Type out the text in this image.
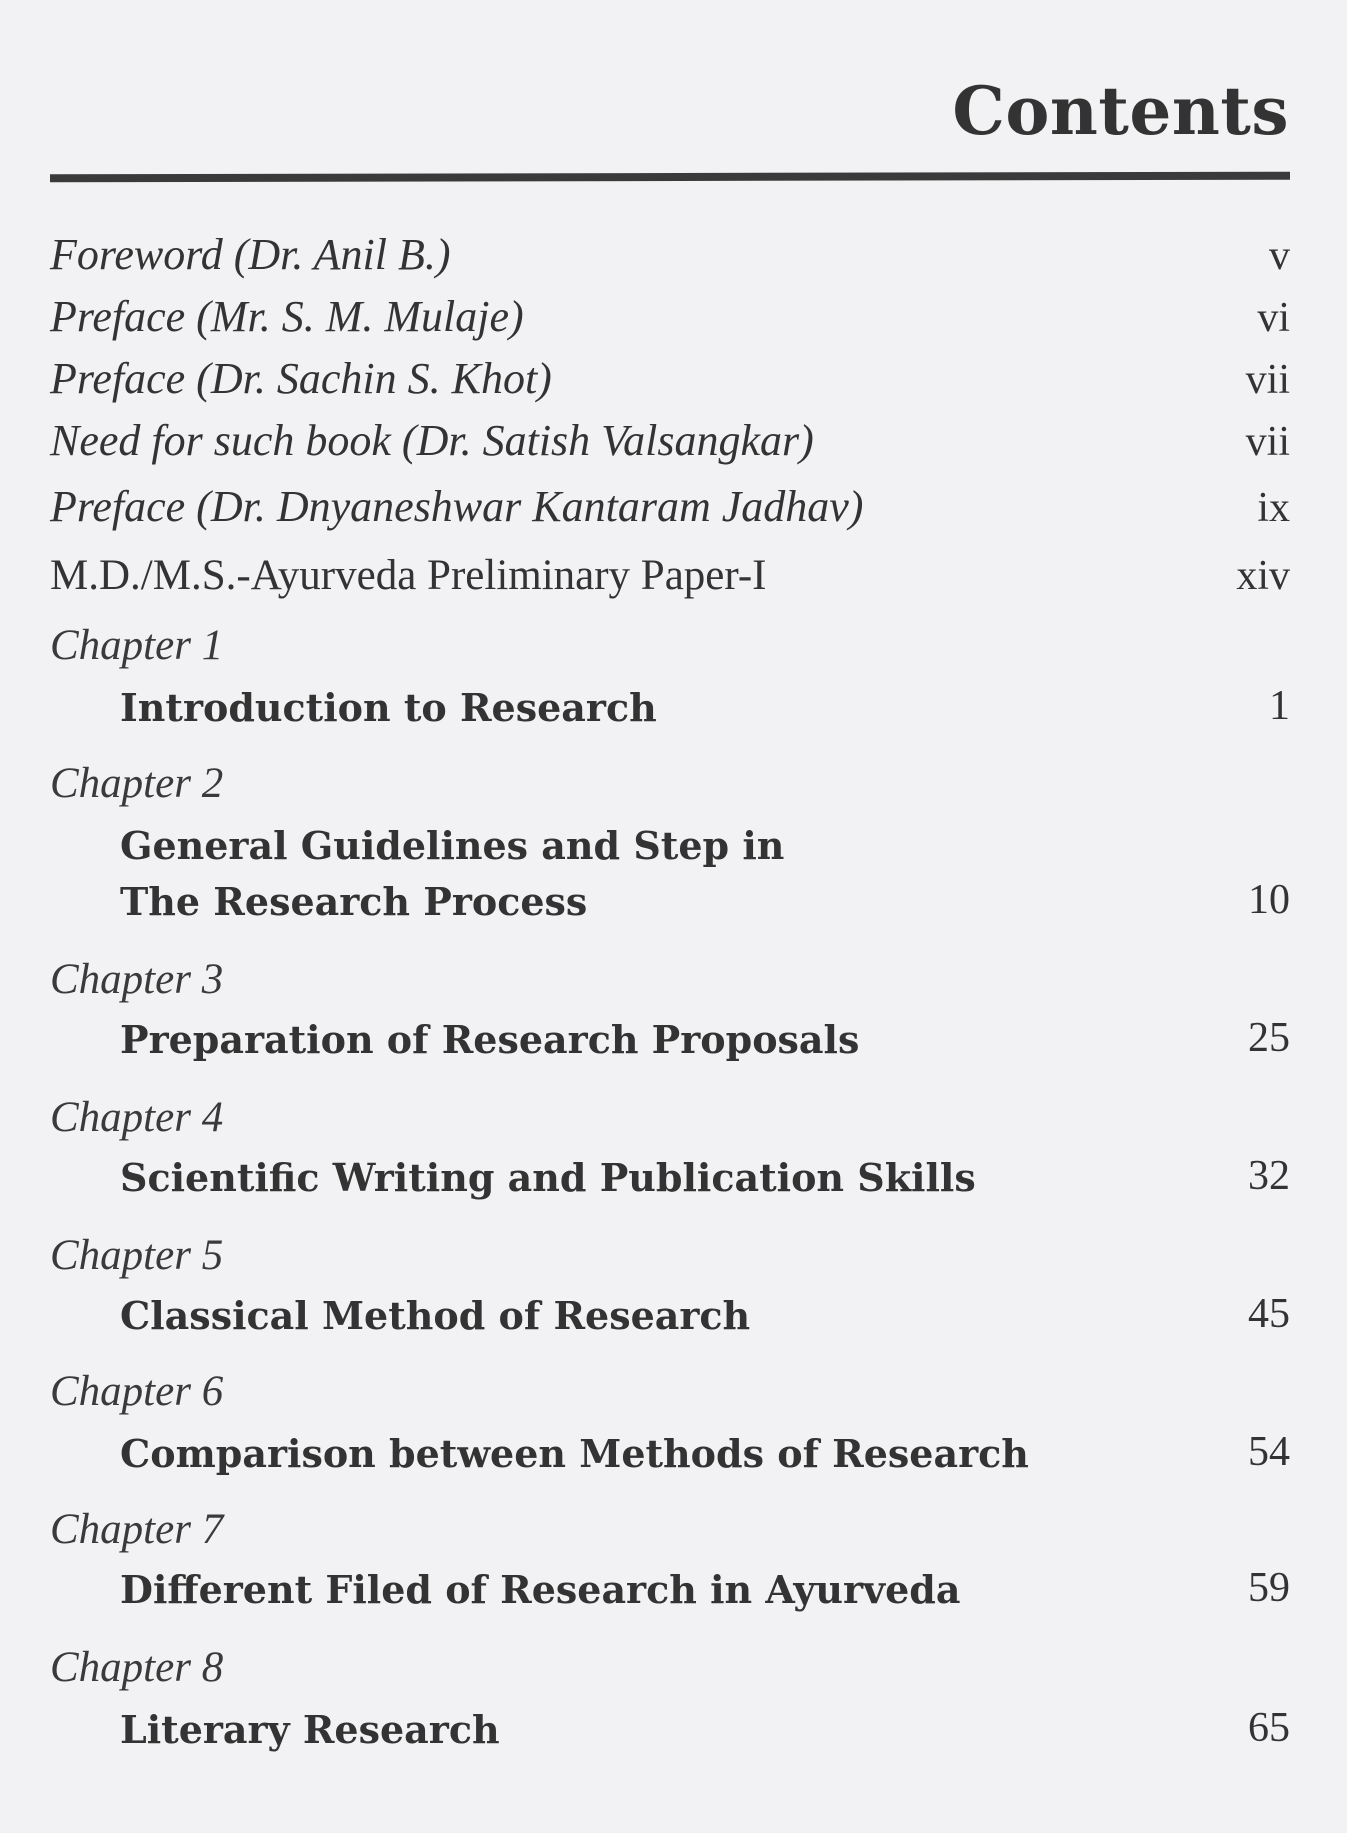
Contents
Foreword (Dr. Anil B.)	v
Preface (Mr. S. M. Mulaje)	vi
Preface (Dr. Sachin S. Khot)	vii
Need for such book (Dr. Satish Valsangkar)	vii
Preface (Dr. Dnyaneshwar Kantaram Jadhav)	ix
M.D./M.S.-Ayurveda Preliminary Paper-I	xiv
Chapter 1
Introduction to Research	1
Chapter 2
General Guidelines and Step in
The Research Process	10
Chapter 3
Preparation of Research Proposals	25
Chapter 4
Scientific Writing and Publication Skills	32
Chapter 5
Classical Method of Research	45
Chapter 6
Comparison between Methods of Research	54
Chapter 7
Different Filed of Research in Ayurveda	59
Chapter 8
Literary Research	65
